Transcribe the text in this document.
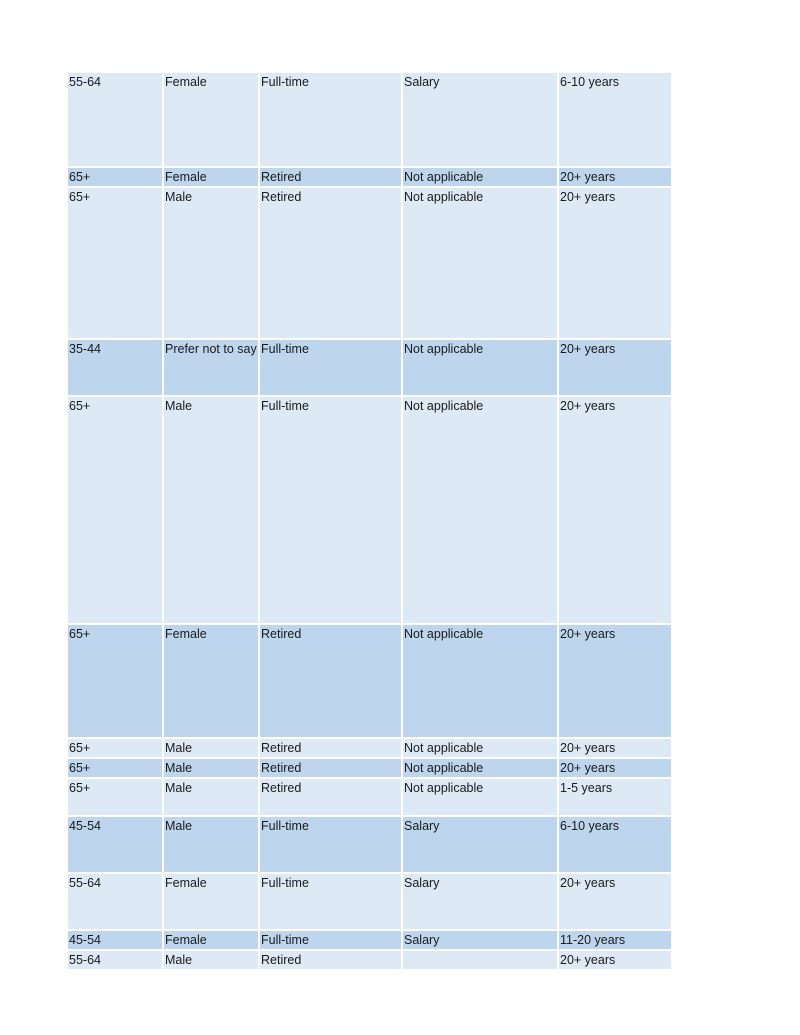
55-64	Female	Full-time	Salary	6-10 years
65+	Female	Retired	Not applicable	20+ years
65+	Male	Retired	Not applicable	20+ years
35-44	Prefer not to say	Full-time	Not applicable	20+ years
65+	Male	Full-time	Not applicable	20+ years
65+	Female	Retired	Not applicable	20+ years
65+	Male	Retired	Not applicable	20+ years
65+	Male	Retired	Not applicable	20+ years
65+	Male	Retired	Not applicable	1-5 years
45-54	Male	Full-time	Salary	6-10 years
55-64	Female	Full-time	Salary	20+ years
45-54	Female	Full-time	Salary	11-20 years
55-64	Male	Retired		20+ years
